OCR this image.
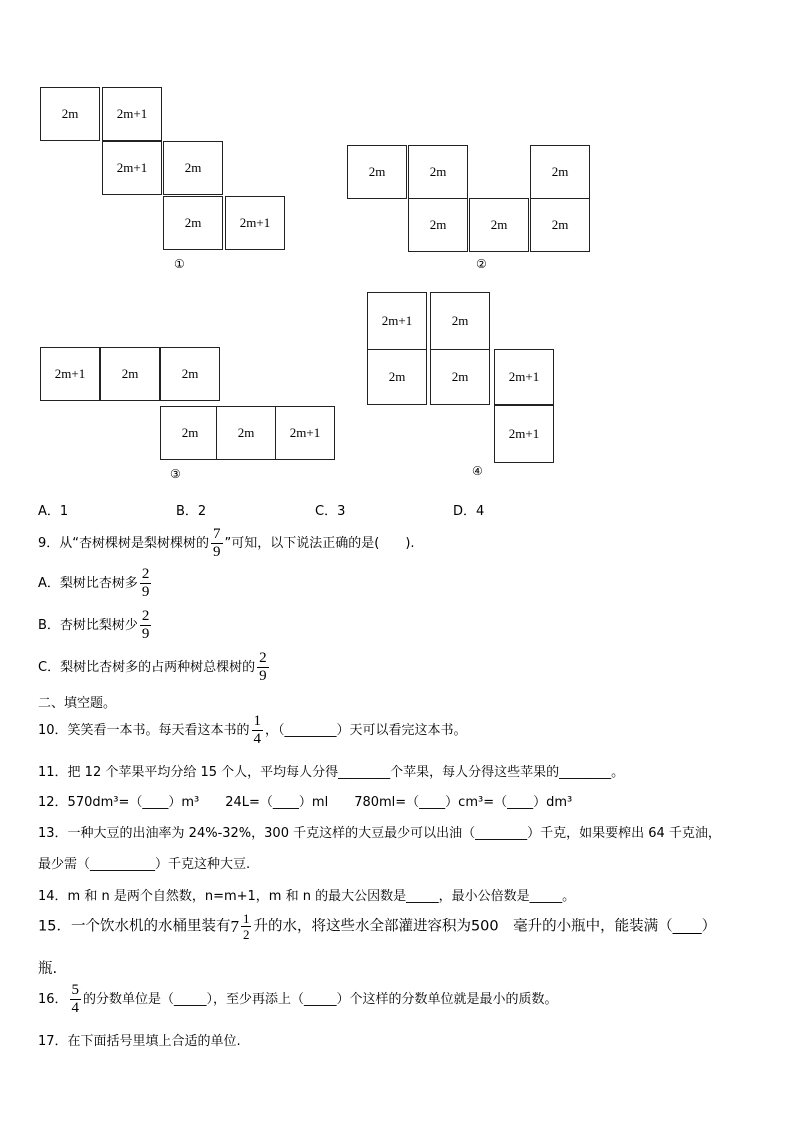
2m	2m+1
2m+1	2m
2m	2m+1
①
2m	2m	2m
2m	2m	2m
②
2m+1	2m	2m
2m	2m	2m+1
③
2m+1	2m
2m	2m	2m+1
2m+1
④
A．1	B．2	C．3	D．4
9．从“杏树棵树是梨树棵树的 $\frac{7}{9}$ ”可知，以下说法正确的是(　　).
A．梨树比杏树多 $\frac{2}{9}$
B．杏树比梨树少 $\frac{2}{9}$
C．梨树比杏树多的占两种树总棵树的 $\frac{2}{9}$
二、填空题。
10．笑笑看一本书。每天看这本书的 $\frac{1}{4}$ ，（________）天可以看完这本书。
11．把 12 个苹果平均分给 15 个人，平均每人分得________个苹果，每人分得这些苹果的________。
12．570dm³=（____）m³　　24L=（____）ml　　780ml=（____）cm³=（____）dm³
13．一种大豆的出油率为 24%-32%，300 千克这样的大豆最少可以出油（________）千克，如果要榨出 64 千克油，
最少需（__________）千克这种大豆.
14．m 和 n 是两个自然数，n=m+1，m 和 n 的最大公因数是_____，最小公倍数是_____。
15．一个饮水机的水桶里装有 $7 \frac{1}{2}$ 升的水，将这些水全部灌进容积为500　毫升的小瓶中，能装满（____）
瓶.
16． $\frac{5}{4}$ 的分数单位是（_____），至少再添上（_____）个这样的分数单位就是最小的质数。
17．在下面括号里填上合适的单位.
